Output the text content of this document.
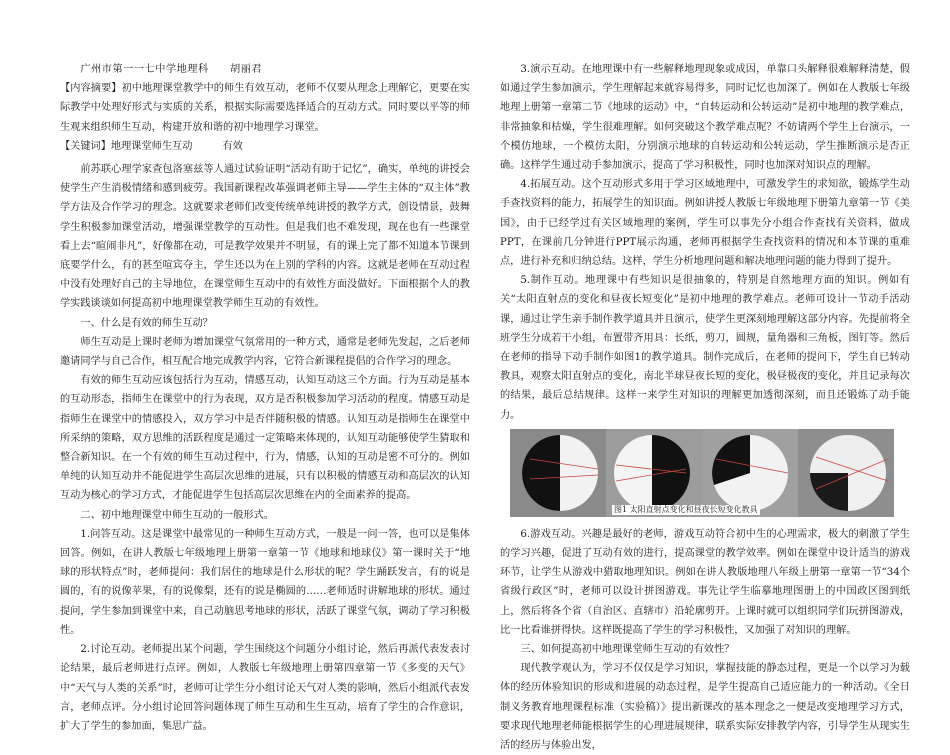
广州市第一一七中学地理科　　胡丽君

【内容摘要】初中地理课堂教学中的师生有效互动，老师不仅要从理念上理解它，更要在实际教学中处理好形式与实质的关系，根据实际需要选择适合的互动方式。同时要以平等的师生观来组织师生互动，构建开放和谐的初中地理学习课堂。

【关键词】地理课堂师生互动	有效

前苏联心理学家查包洛塞兹等人通过试验证明“活动有助于记忆”，确实，单纯的讲授会使学生产生消极情绪和感到疲劳。我国新课程改革强调老师主导——学生主体的“双主体”教学方法及合作学习的理念。这就要求老师们改变传统单纯讲授的教学方式，创设情景，鼓舞学生积极参加课堂活动，增强课堂教学的互动性。但是我们也不难发现，现在也有一些课堂看上去“暄闹非凡”，好像都在动，可是教学效果并不明显，有的课上完了都不知道本节课到底要学什么，有的甚至喧宾夺主，学生还以为在上别的学科的内容。这就是老师在互动过程中没有处理好自己的主导地位，在课堂师生互动中的有效性方面没做好。下面根据个人的教学实践谈谈如何提高初中地理课堂教学师生互动的有效性。

一、什么是有效的师生互动？

师生互动是上课时老师为增加课堂气氛常用的一种方式，通常是老师先发起，之后老师邀请同学与自己合作，相互配合地完成教学内容，它符合新课程提倡的合作学习的理念。

有效的师生互动应该包括行为互动，情感互动，认知互动这三个方面。行为互动是基本的互动形态，指师生在课堂中的行为表现，双方是否积极参加学习活动的程度。情感互动是指师生在课堂中的情感投入，双方学习中是否伴随积极的情感。认知互动是指师生在课堂中所采纳的策略，双方思维的活跃程度是通过一定策略来体现的，认知互动能够使学生猜取和整合新知识。在一个有效的师生互动过程中，行为，情感，认知的互动是密不可分的。例如单纯的认知互动并不能促进学生高层次思维的进展，只有以积极的情感互动和高层次的认知互动为核心的学习方式，才能促进学生包括高层次思维在内的全面素养的提高。

二、初中地理课堂中师生互动的一般形式。

1.问答互动。这是课堂中最常见的一种师生互动方式，一般是一问一答，也可以是集体回答。例如，在讲人教版七年级地理上册第一章第一节《地球和地球仪》第一课时关于“地球的形状特点”时，老师提问：我们居住的地球是什么形状的呢？学生踊跃发言，有的说是圆的，有的说像苹果，有的说像梨，还有的说是椭圆的……老师适时讲解地球的形状。通过提问，学生参加到课堂中来，自己动脑思考地球的形状，活跃了课堂气氛，调动了学习积极性。

2.讨论互动。老师提出某个问题，学生围绕这个问题分小组讨论，然后再派代表发表讨论结果，最后老师进行点评。例如，人教版七年级地理上册第四章第一节《多变的天气》中“天气与人类的关系”时，老师可让学生分小组讨论天气对人类的影响，然后小组派代表发言，老师点评。分小组讨论回答问题体现了师生互动和生生互动，培育了学生的合作意识，扩大了学生的参加面，集思广益。

3.演示互动。在地理课中有一些解释地理现象或成因，单靠口头解释很难解释清楚，假如通过学生参加演示，学生理解起来就容易得多，同时记忆也加深了。例如在人教版七年级地理上册第一章第二节《地球的运动》中，“自转运动和公转运动”是初中地理的教学难点，非常抽象和枯燥，学生很难理解。如何突破这个教学难点呢？不妨请两个学生上台演示，一个模仿地球，一个模仿太阳，分别演示地球的自转运动和公转运动，学生推断演示是否正确。这样学生通过动手参加演示，提高了学习积极性，同时也加深对知识点的理解。

4.拓展互动。这个互动形式多用于学习区域地理中，可激发学生的求知欲，锻炼学生动手查找资料的能力，拓展学生的知识面。例如讲授人教版七年级地理下册第九章第一节《美国》，由于已经学过有关区域地理的案例，学生可以事先分小组合作查找有关资料，做成PPT，在课前几分钟进行PPT展示沟通，老师再根据学生查找资料的情况和本节课的重难点，进行补充和归纳总结。这样，学生分析地理问题和解决地理问题的能力得到了提升。

5.制作互动。地理课中有些知识是很抽象的，特别是自然地理方面的知识。例如有关“太阳直射点的变化和昼夜长短变化”是初中地理的教学难点。老师可设计一节动手活动课，通过让学生亲手制作教学道具并且演示，使学生更深刻地理解这部分内容。先提前将全班学生分成若干小组，布置带齐用具：长纸，剪刀，圆规，量角器和三角板，图钉等。然后在老师的指导下动手制作如图1的教学道具。制作完成后，在老师的提问下，学生自已转动教具，观察太阳直射点的变化，南北半球昼夜长短的变化，极昼极夜的变化，并且记录每次的结果，最后总结规律。这样一来学生对知识的理解更加透彻深刻，而且还锻炼了动手能力。

图1 太阳直射点变化和昼夜长短变化教具

6.游戏互动。兴趣是最好的老师，游戏互动符合初中生的心理需求，极大的刺激了学生的学习兴趣，促进了互动有效的进行，提高课堂的教学效率。例如在课堂中设计适当的游戏环节，让学生从游戏中猎取地理知识。例如在讲人教版地理八年级上册第一章第一节“34个省级行政区”时，老师可以设计拼图游戏。事先让学生临摹地理图册上的中国政区图到纸上，然后将各个省（自治区、直辖市）沿轮廓剪开。上课时就可以组织同学们玩拼图游戏，比一比看谁拼得快。这样既提高了学生的学习积极性，又加强了对知识的理解。

三、如何提高初中地理课堂师生互动的有效性？

现代教学观认为，学习不仅仅是学习知识，掌握技能的静态过程，更是一个以学习为载体的经历体验知识的形成和进展的动态过程，是学生提高自己适应能力的一种活动。《全日制义务教育地理课程标准（实验稿）》提出新课改的基本理念之一便是改变地理学习方式，要求现代地理老师能根据学生的心理进展规律，联系实际安排教学内容，引导学生从现实生活的经历与体验出发，
